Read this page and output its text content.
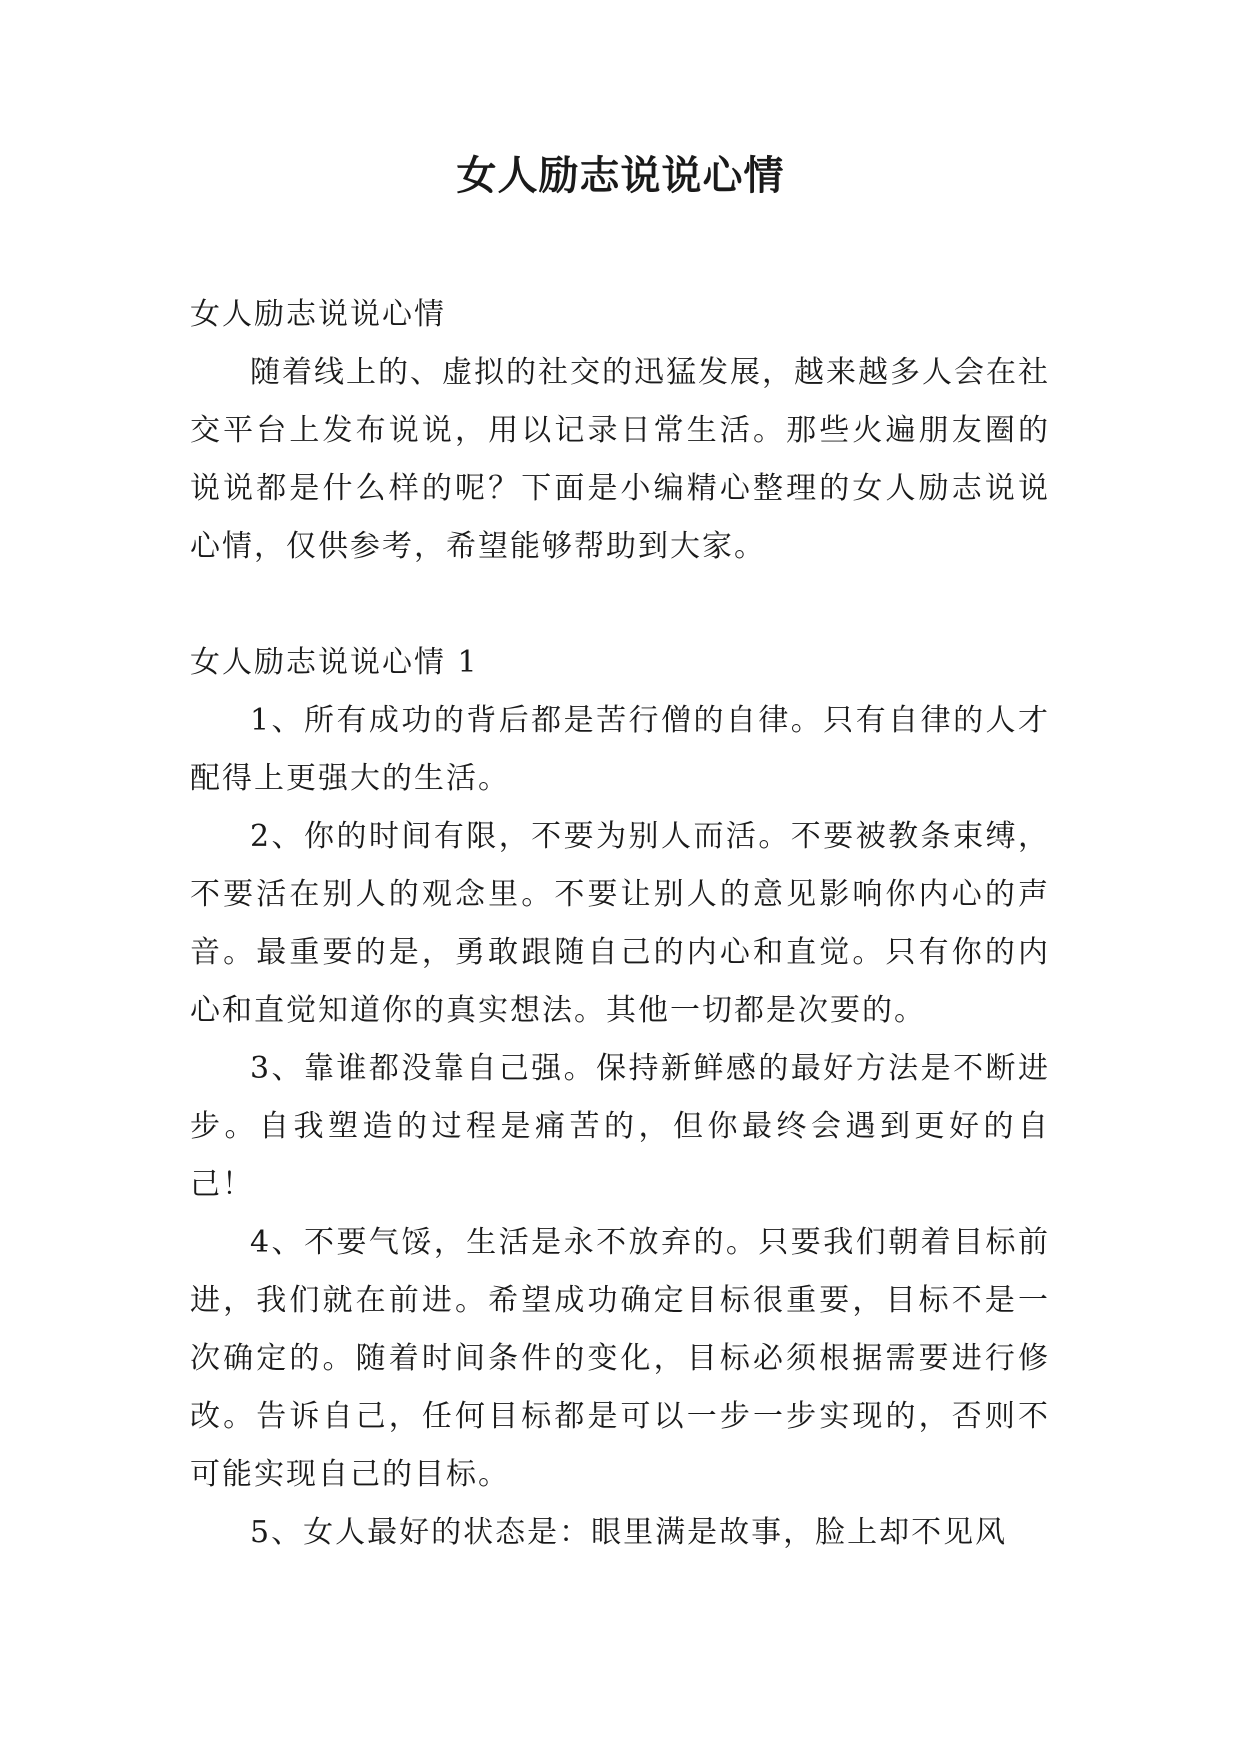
女人励志说说心情

女人励志说说心情

随着线上的、虚拟的社交的迅猛发展，越来越多人会在社交平台上发布说说，用以记录日常生活。那些火遍朋友圈的说说都是什么样的呢？下面是小编精心整理的女人励志说说心情，仅供参考，希望能够帮助到大家。

女人励志说说心情 1

1、所有成功的背后都是苦行僧的自律。只有自律的人才配得上更强大的生活。

2、你的时间有限，不要为别人而活。不要被教条束缚，不要活在别人的观念里。不要让别人的意见影响你内心的声音。最重要的是，勇敢跟随自己的内心和直觉。只有你的内心和直觉知道你的真实想法。其他一切都是次要的。

3、靠谁都没靠自己强。保持新鲜感的最好方法是不断进步。自我塑造的过程是痛苦的，但你最终会遇到更好的自己！

4、不要气馁，生活是永不放弃的。只要我们朝着目标前进，我们就在前进。希望成功确定目标很重要，目标不是一次确定的。随着时间条件的变化，目标必须根据需要进行修改。告诉自己，任何目标都是可以一步一步实现的，否则不可能实现自己的目标。

5、女人最好的状态是：眼里满是故事，脸上却不见风
